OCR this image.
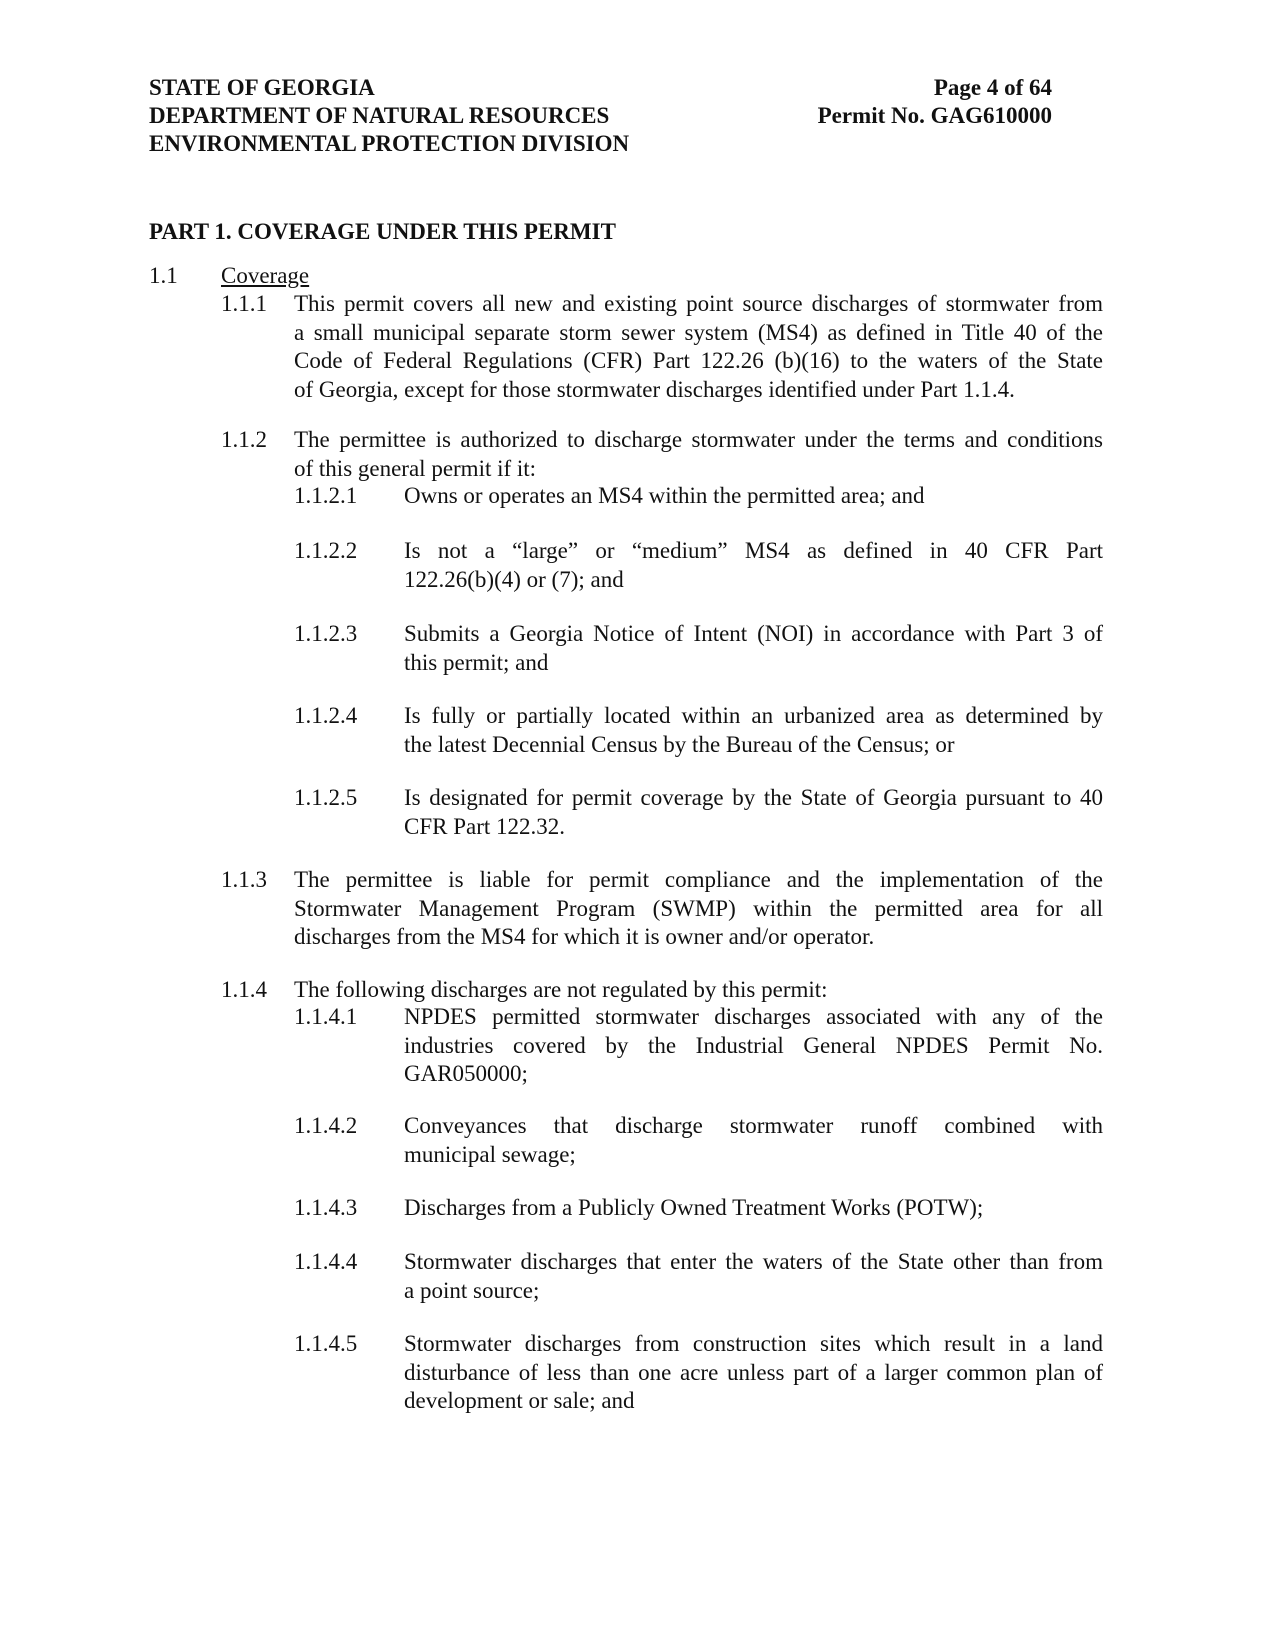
STATE OF GEORGIA
DEPARTMENT OF NATURAL RESOURCES
ENVIRONMENTAL PROTECTION DIVISION
Page 4 of 64
Permit No. GAG610000
PART 1. COVERAGE UNDER THIS PERMIT
1.1 Coverage
1.1.1 This permit covers all new and existing point source discharges of stormwater from
a small municipal separate storm sewer system (MS4) as defined in Title 40 of the
Code of Federal Regulations (CFR) Part 122.26 (b)(16) to the waters of the State
of Georgia, except for those stormwater discharges identified under Part 1.1.4.
1.1.2 The permittee is authorized to discharge stormwater under the terms and conditions
of this general permit if it:
1.1.2.1 Owns or operates an MS4 within the permitted area; and
1.1.2.2 Is not a “large” or “medium” MS4 as defined in 40 CFR Part
122.26(b)(4) or (7); and
1.1.2.3 Submits a Georgia Notice of Intent (NOI) in accordance with Part 3 of
this permit; and
1.1.2.4 Is fully or partially located within an urbanized area as determined by
the latest Decennial Census by the Bureau of the Census; or
1.1.2.5 Is designated for permit coverage by the State of Georgia pursuant to 40
CFR Part 122.32.
1.1.3 The permittee is liable for permit compliance and the implementation of the
Stormwater Management Program (SWMP) within the permitted area for all
discharges from the MS4 for which it is owner and/or operator.
1.1.4 The following discharges are not regulated by this permit:
1.1.4.1 NPDES permitted stormwater discharges associated with any of the
industries covered by the Industrial General NPDES Permit No.
GAR050000;
1.1.4.2 Conveyances that discharge stormwater runoff combined with
municipal sewage;
1.1.4.3 Discharges from a Publicly Owned Treatment Works (POTW);
1.1.4.4 Stormwater discharges that enter the waters of the State other than from
a point source;
1.1.4.5 Stormwater discharges from construction sites which result in a land
disturbance of less than one acre unless part of a larger common plan of
development or sale; and
